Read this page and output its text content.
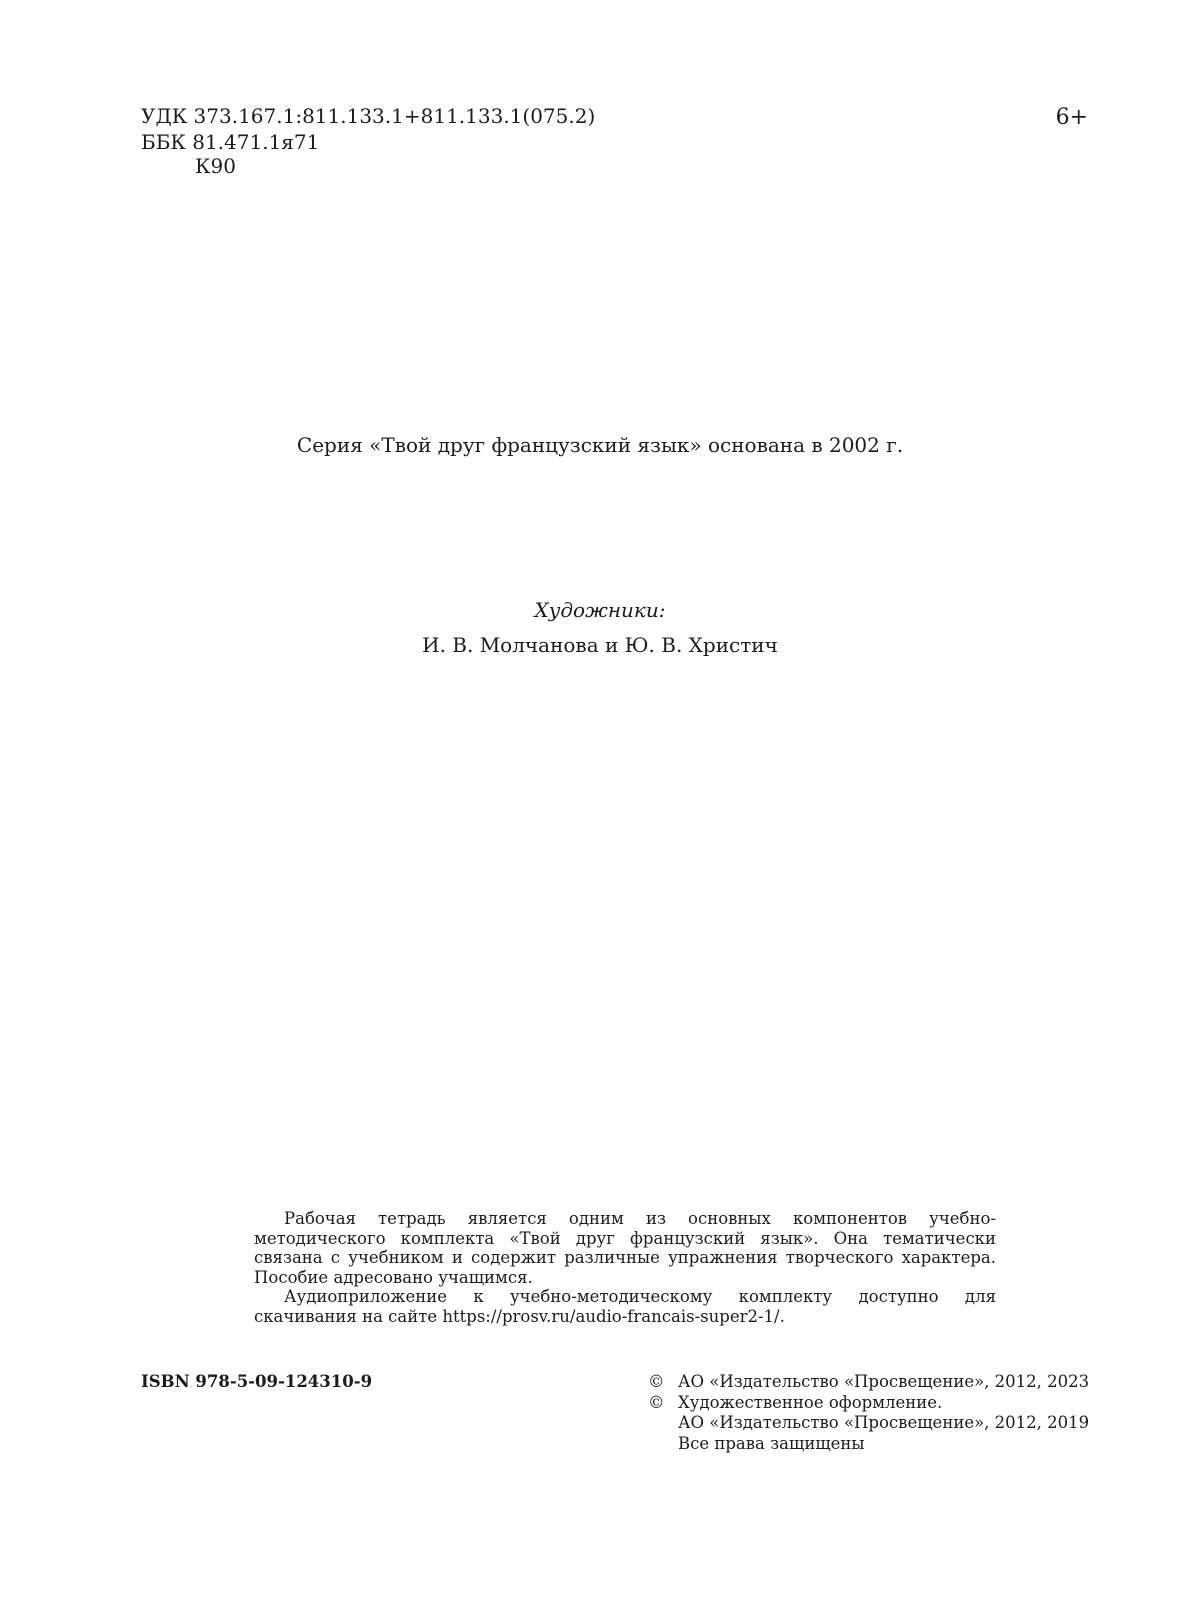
УДК 373.167.1:811.133.1+811.133.1(075.2)
ББК 81.471.1я71
К90
6+
Серия «Твой друг французский язык» основана в 2002 г.
Художники:
И. В. Молчанова и Ю. В. Христич

Рабочая тетрадь является одним из основных компонентов учебно-методического комплекта «Твой друг французский язык». Она тематически связана с учебником и содержит различные упражнения творческого характера. Пособие адресовано учащимся.

Аудиоприложение к учебно-методическому комплекту доступно для скачивания на сайте https://prosv.ru/audio-francais-super2-1/.

ISBN 978-5-09-124310-9	© АО «Издательство «Просвещение», 2012, 2023
© Художественное оформление.
АО «Издательство «Просвещение», 2012, 2019
Все права защищены
